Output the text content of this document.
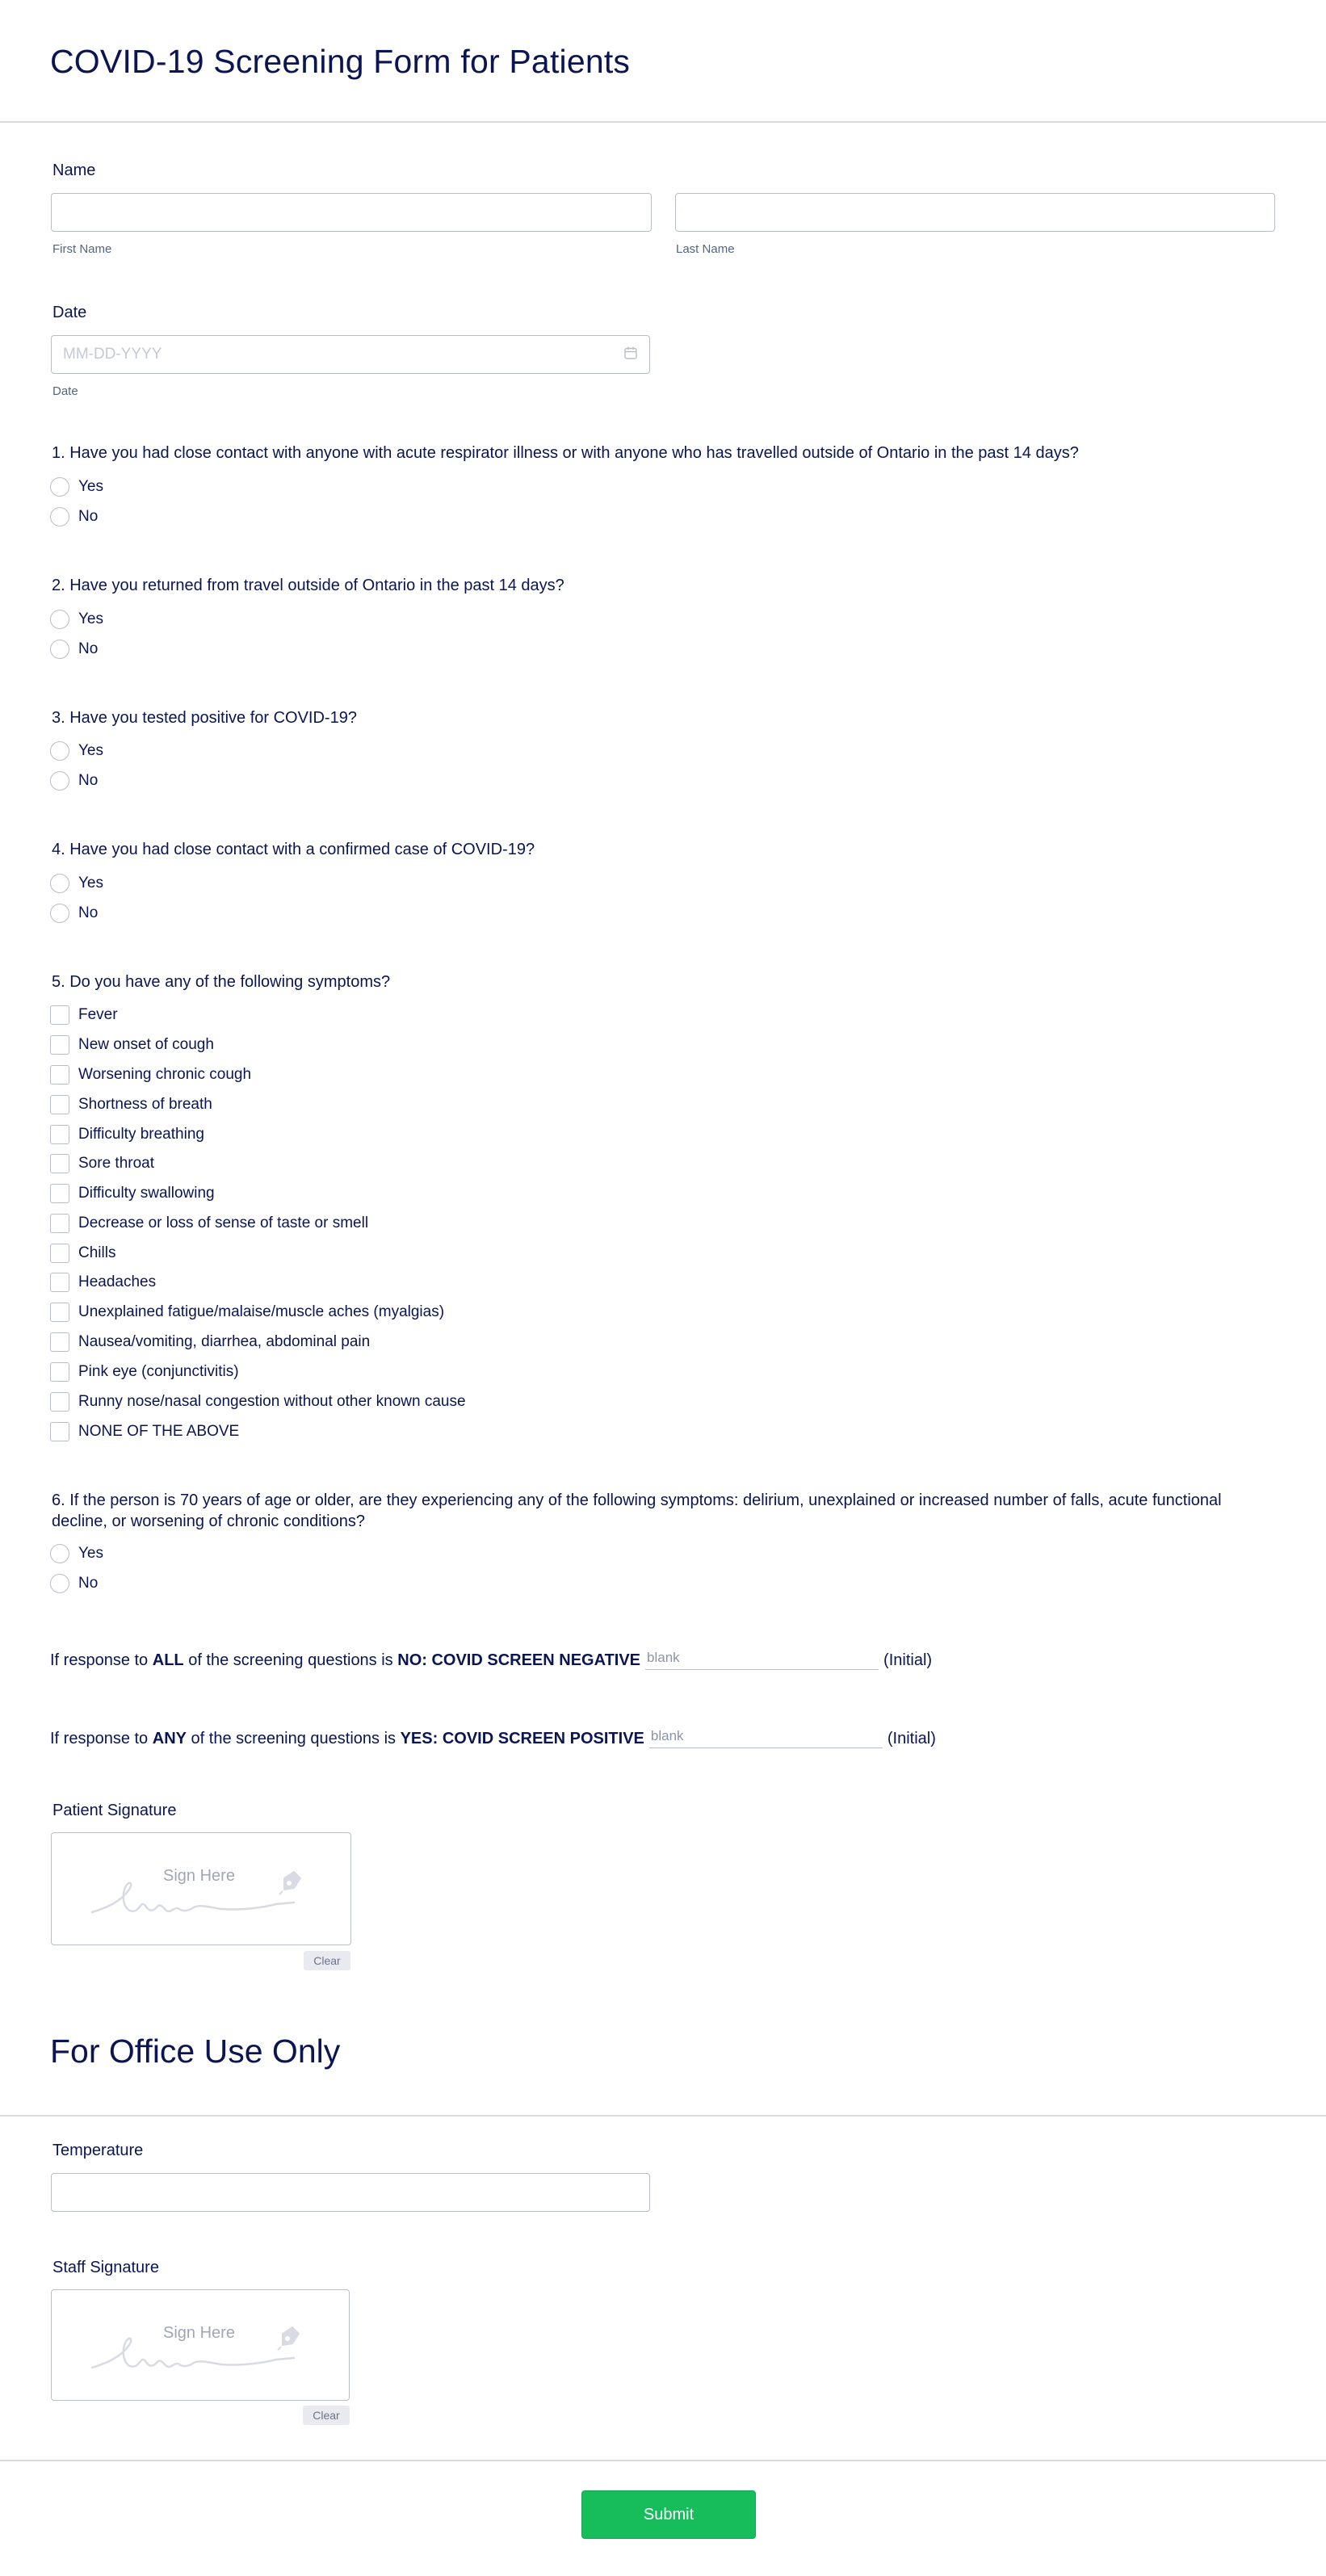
COVID-19 Screening Form for Patients
Name
First Name	Last Name
Date
MM-DD-YYYY
Date
1. Have you had close contact with anyone with acute respirator illness or with anyone who has travelled outside of Ontario in the past 14 days?
Yes
No
2. Have you returned from travel outside of Ontario in the past 14 days?
Yes
No
3. Have you tested positive for COVID-19?
Yes
No
4. Have you had close contact with a confirmed case of COVID-19?
Yes
No
5. Do you have any of the following symptoms?
Fever
New onset of cough
Worsening chronic cough
Shortness of breath
Difficulty breathing
Sore throat
Difficulty swallowing
Decrease or loss of sense of taste or smell
Chills
Headaches
Unexplained fatigue/malaise/muscle aches (myalgias)
Nausea/vomiting, diarrhea, abdominal pain
Pink eye (conjunctivitis)
Runny nose/nasal congestion without other known cause
NONE OF THE ABOVE
6. If the person is 70 years of age or older, are they experiencing any of the following symptoms: delirium, unexplained or increased number of falls, acute functional decline, or worsening of chronic conditions?
Yes
No
If response to ALL of the screening questions is NO: COVID SCREEN NEGATIVE
blank	(Initial)
If response to ANY of the screening questions is YES: COVID SCREEN POSITIVE
blank	(Initial)
Patient Signature
Sign Here
Clear
For Office Use Only
Temperature
Staff Signature
Sign Here
Clear
Submit
